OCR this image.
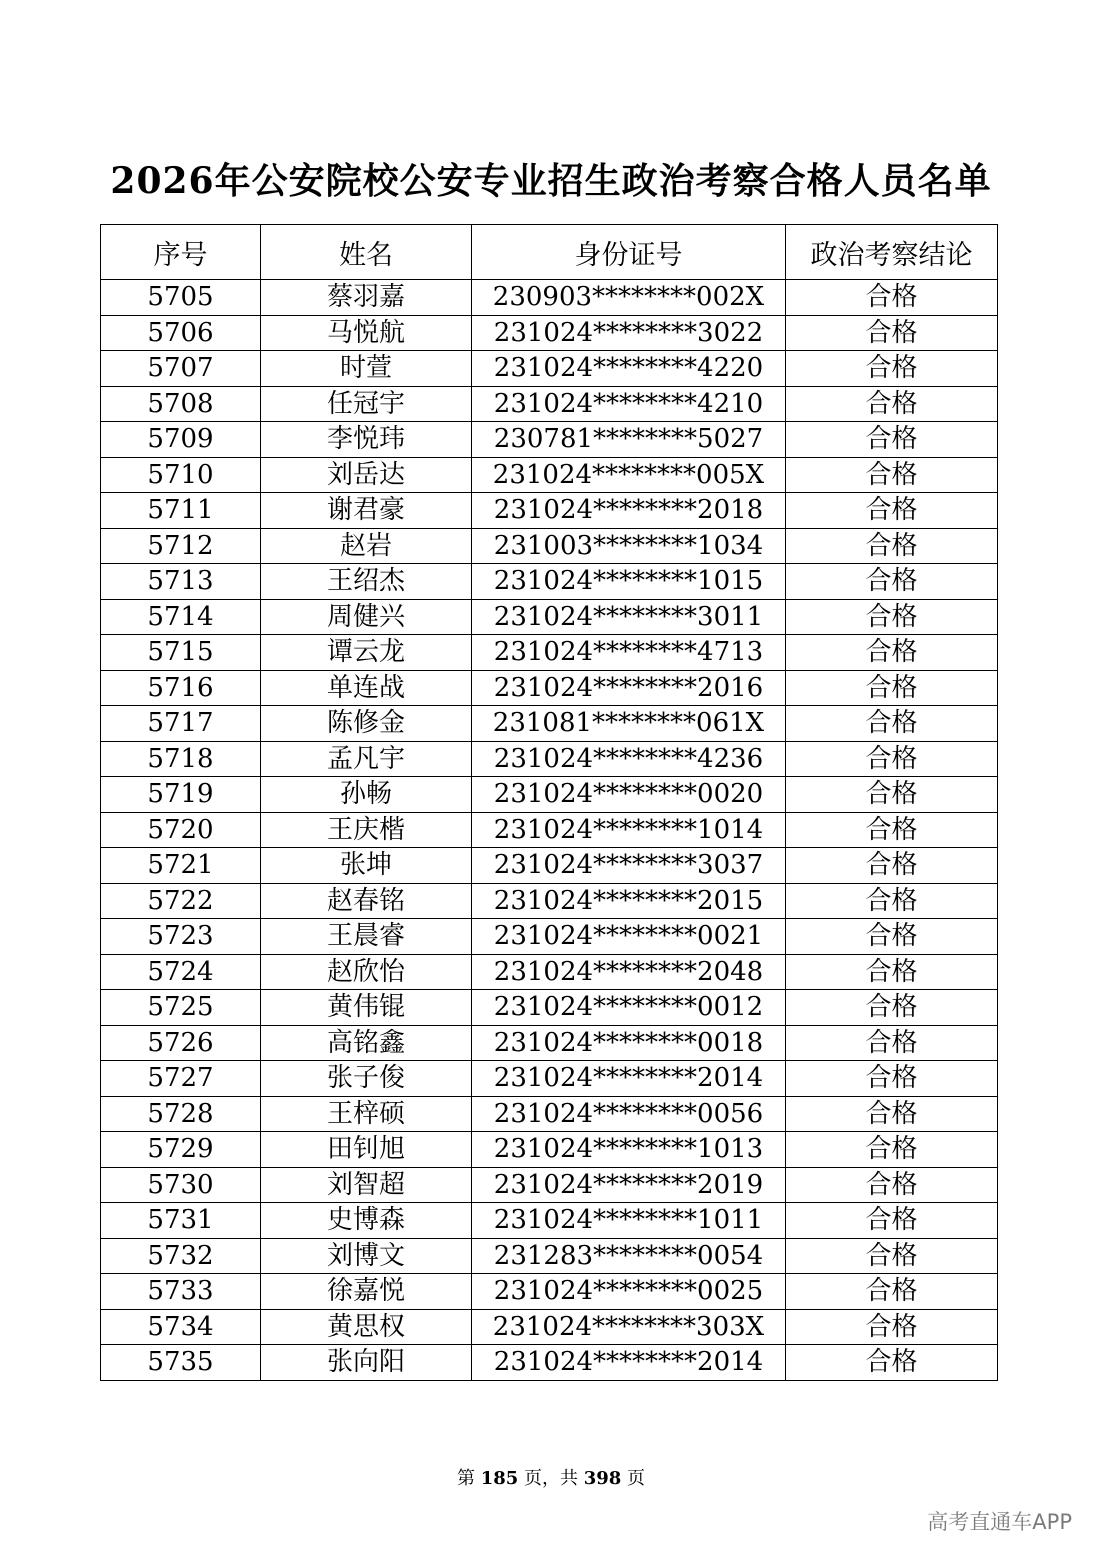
2026年公安院校公安专业招生政治考察合格人员名单
序号	姓名	身份证号	政治考察结论
5705	蔡羽嘉	230903********002X	合格
5706	马悦航	231024********3022	合格
5707	时萱	231024********4220	合格
5708	任冠宇	231024********4210	合格
5709	李悦玮	230781********5027	合格
5710	刘岳达	231024********005X	合格
5711	谢君豪	231024********2018	合格
5712	赵岩	231003********1034	合格
5713	王绍杰	231024********1015	合格
5714	周健兴	231024********3011	合格
5715	谭云龙	231024********4713	合格
5716	单连战	231024********2016	合格
5717	陈修金	231081********061X	合格
5718	孟凡宇	231024********4236	合格
5719	孙畅	231024********0020	合格
5720	王庆楷	231024********1014	合格
5721	张坤	231024********3037	合格
5722	赵春铭	231024********2015	合格
5723	王晨睿	231024********0021	合格
5724	赵欣怡	231024********2048	合格
5725	黄伟锟	231024********0012	合格
5726	高铭鑫	231024********0018	合格
5727	张子俊	231024********2014	合格
5728	王梓硕	231024********0056	合格
5729	田钊旭	231024********1013	合格
5730	刘智超	231024********2019	合格
5731	史博森	231024********1011	合格
5732	刘博文	231283********0054	合格
5733	徐嘉悦	231024********0025	合格
5734	黄思权	231024********303X	合格
5735	张向阳	231024********2014	合格
第 185 页，共 398 页
高考直通车APP
